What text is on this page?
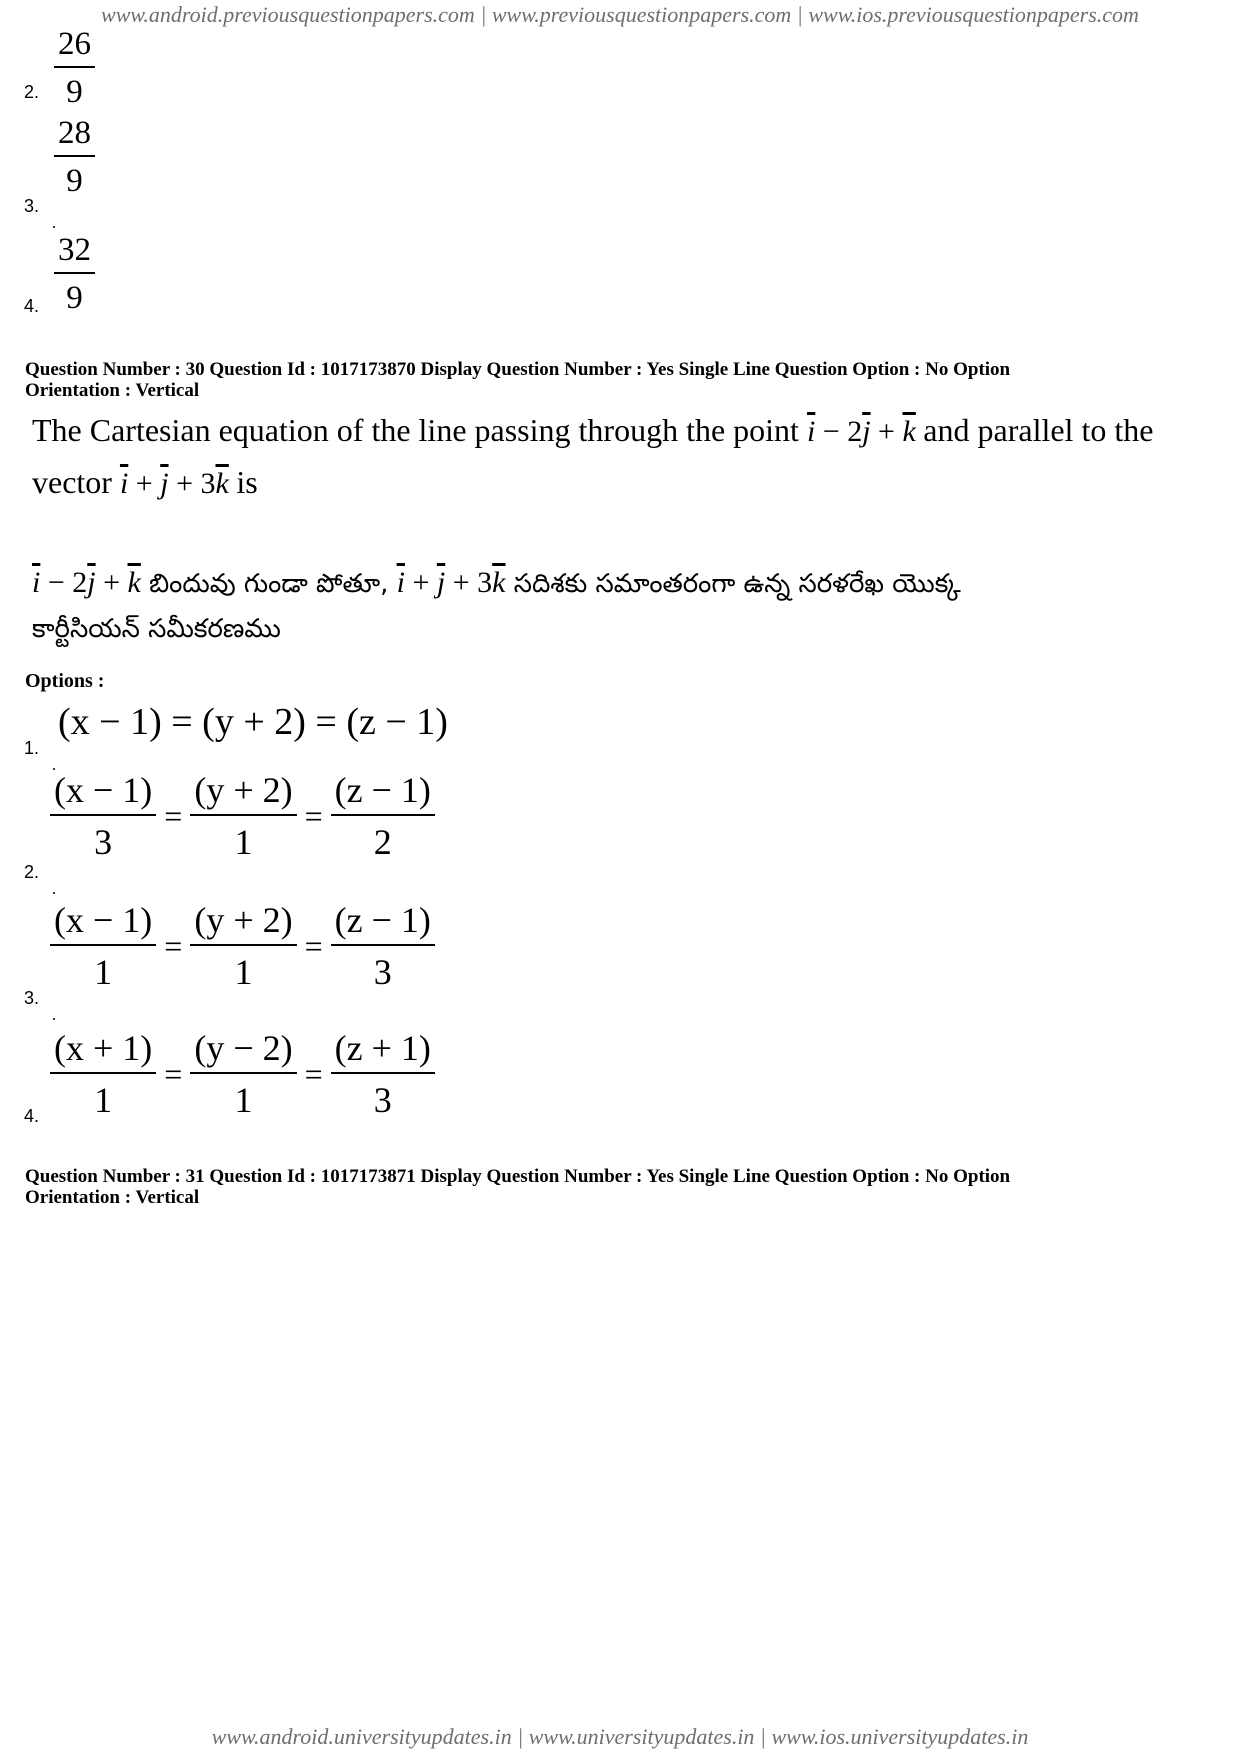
www.android.previousquestionpapers.com | www.previousquestionpapers.com | www.ios.previousquestionpapers.com
$\frac{26}{9}$
2.
$\frac{28}{9}$
3.
$\frac{32}{9}$
4.
Question Number : 30 Question Id : 1017173870 Display Question Number : Yes Single Line Question Option : No Option
Orientation : Vertical
The Cartesian equation of the line passing through the point $\overline{i} - 2\overline{j} + \overline{k}$ and parallel to the
vector $\overline{i} + \overline{j} + 3\overline{k}$ is
$\overline{i} - 2\overline{j} + \overline{k}$ బిందువు గుండా పోతూ, $\overline{i} + \overline{j} + 3\overline{k}$ సదిశకు సమాంతరంగా ఉన్న సరళరేఖ యొక్క
కార్టీసియన్ సమీకరణము
Options :
(x − 1) = (y + 2) = (z − 1)
1.
$\frac{(x - 1)}{3} = \frac{(y + 2)}{1} = \frac{(z - 1)}{2}$
2.
$\frac{(x - 1)}{1} = \frac{(y + 2)}{1} = \frac{(z - 1)}{3}$
3.
$\frac{(x + 1)}{1} = \frac{(y - 2)}{1} = \frac{(z + 1)}{3}$
4.
Question Number : 31 Question Id : 1017173871 Display Question Number : Yes Single Line Question Option : No Option
Orientation : Vertical
www.android.universityupdates.in | www.universityupdates.in | www.ios.universityupdates.in
